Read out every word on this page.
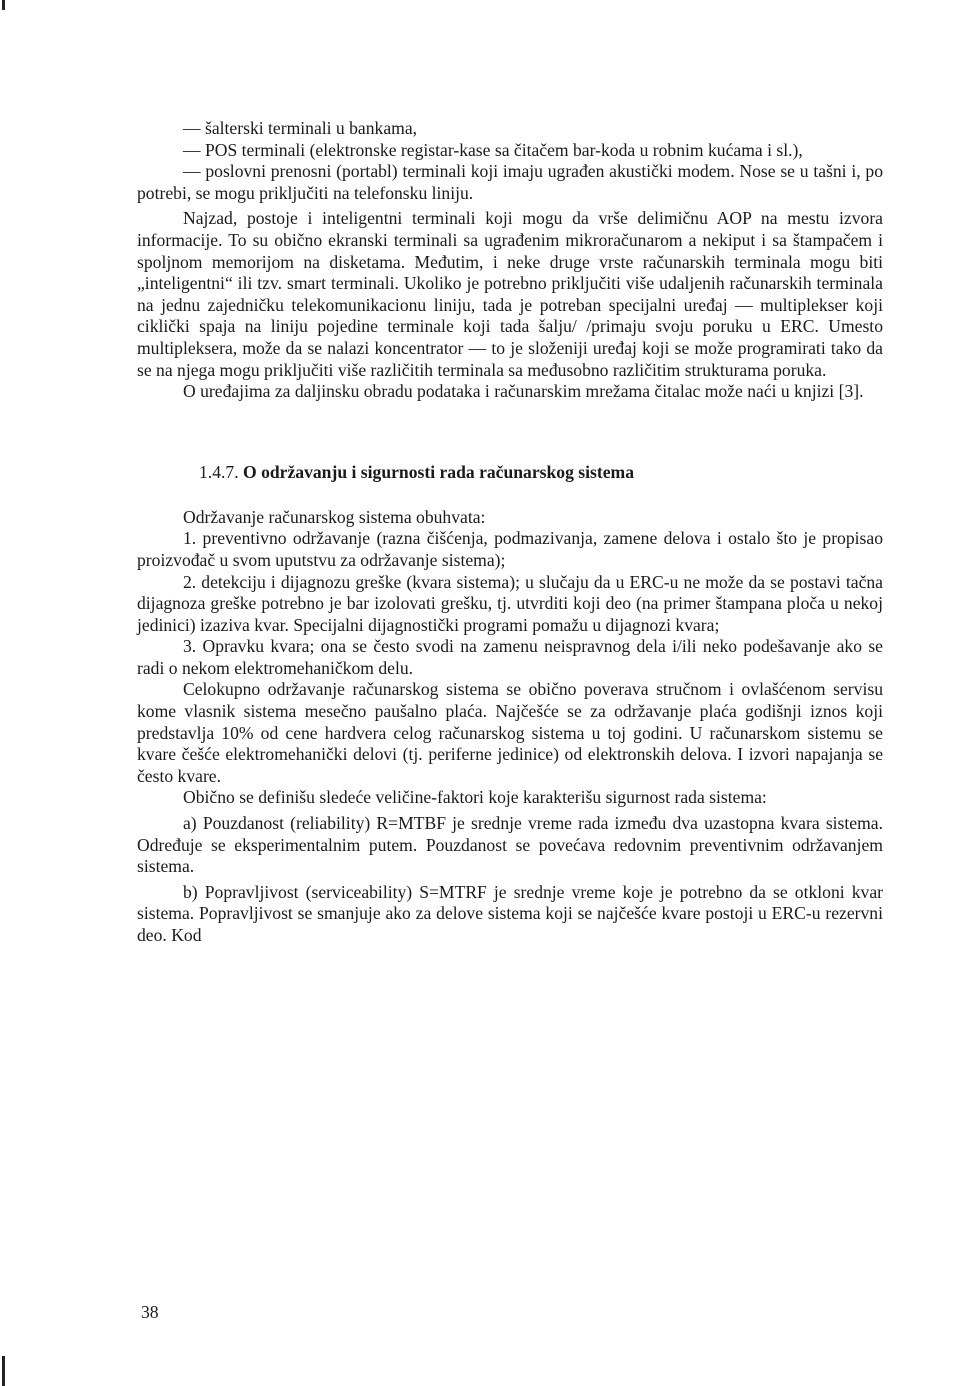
— šalterski terminali u bankama,

— POS terminali (elektronske registar-kase sa čitačem bar-koda u robnim kućama i sl.),

— poslovni prenosni (portabl) terminali koji imaju ugrađen akustički modem. Nose se u tašni i, po potrebi, se mogu priključiti na telefonsku liniju.

Najzad, postoje i inteligentni terminali koji mogu da vrše delimičnu AOP na mestu izvora informacije. To su obično ekranski terminali sa ugrađenim mikroračunarom a nekiput i sa štampačem i spoljnom memorijom na disketama. Međutim, i neke druge vrste računarskih terminala mogu biti „inteligentni“ ili tzv. smart terminali. Ukoliko je potrebno priključiti više udaljenih računarskih terminala na jednu zajedničku telekomunikacionu liniju, tada je potreban specijalni uređaj — multiplekser koji ciklički spaja na liniju pojedine terminale koji tada šalju/ /primaju svoju poruku u ERC. Umesto multipleksera, može da se nalazi koncentrator — to je složeniji uređaj koji se može programirati tako da se na njega mogu priključiti više različitih terminala sa međusobno različitim strukturama poruka.

O uređajima za daljinsku obradu podataka i računarskim mrežama čitalac može naći u knjizi [3].

1.4.7. O održavanju i sigurnosti rada računarskog sistema

Održavanje računarskog sistema obuhvata:

1. preventivno održavanje (razna čišćenja, podmazivanja, zamene delova i ostalo što je propisao proizvođač u svom uputstvu za održavanje sistema);

2. detekciju i dijagnozu greške (kvara sistema); u slučaju da u ERC-u ne može da se postavi tačna dijagnoza greške potrebno je bar izolovati grešku, tj. utvrditi koji deo (na primer štampana ploča u nekoj jedinici) izaziva kvar. Specijalni dijagnostički programi pomažu u dijagnozi kvara;

3. Opravku kvara; ona se često svodi na zamenu neispravnog dela i/ili neko podešavanje ako se radi o nekom elektromehaničkom delu.

Celokupno održavanje računarskog sistema se obično poverava stručnom i ovlašćenom servisu kome vlasnik sistema mesečno paušalno plaća. Najčešće se za održavanje plaća godišnji iznos koji predstavlja 10% od cene hardvera celog računarskog sistema u toj godini. U računarskom sistemu se kvare češće elektromehanički delovi (tj. periferne jedinice) od elektronskih delova. I izvori napajanja se često kvare.

Obično se definišu sledeće veličine-faktori koje karakterišu sigurnost rada sistema:

a) Pouzdanost (reliability) R=MTBF je srednje vreme rada između dva uzastopna kvara sistema. Određuje se eksperimentalnim putem. Pouzdanost se povećava redovnim preventivnim održavanjem sistema.

b) Popravljivost (serviceability) S=MTRF je srednje vreme koje je potrebno da se otkloni kvar sistema. Popravljivost se smanjuje ako za delove sistema koji se najčešće kvare postoji u ERC-u rezervni deo. Kod

38
